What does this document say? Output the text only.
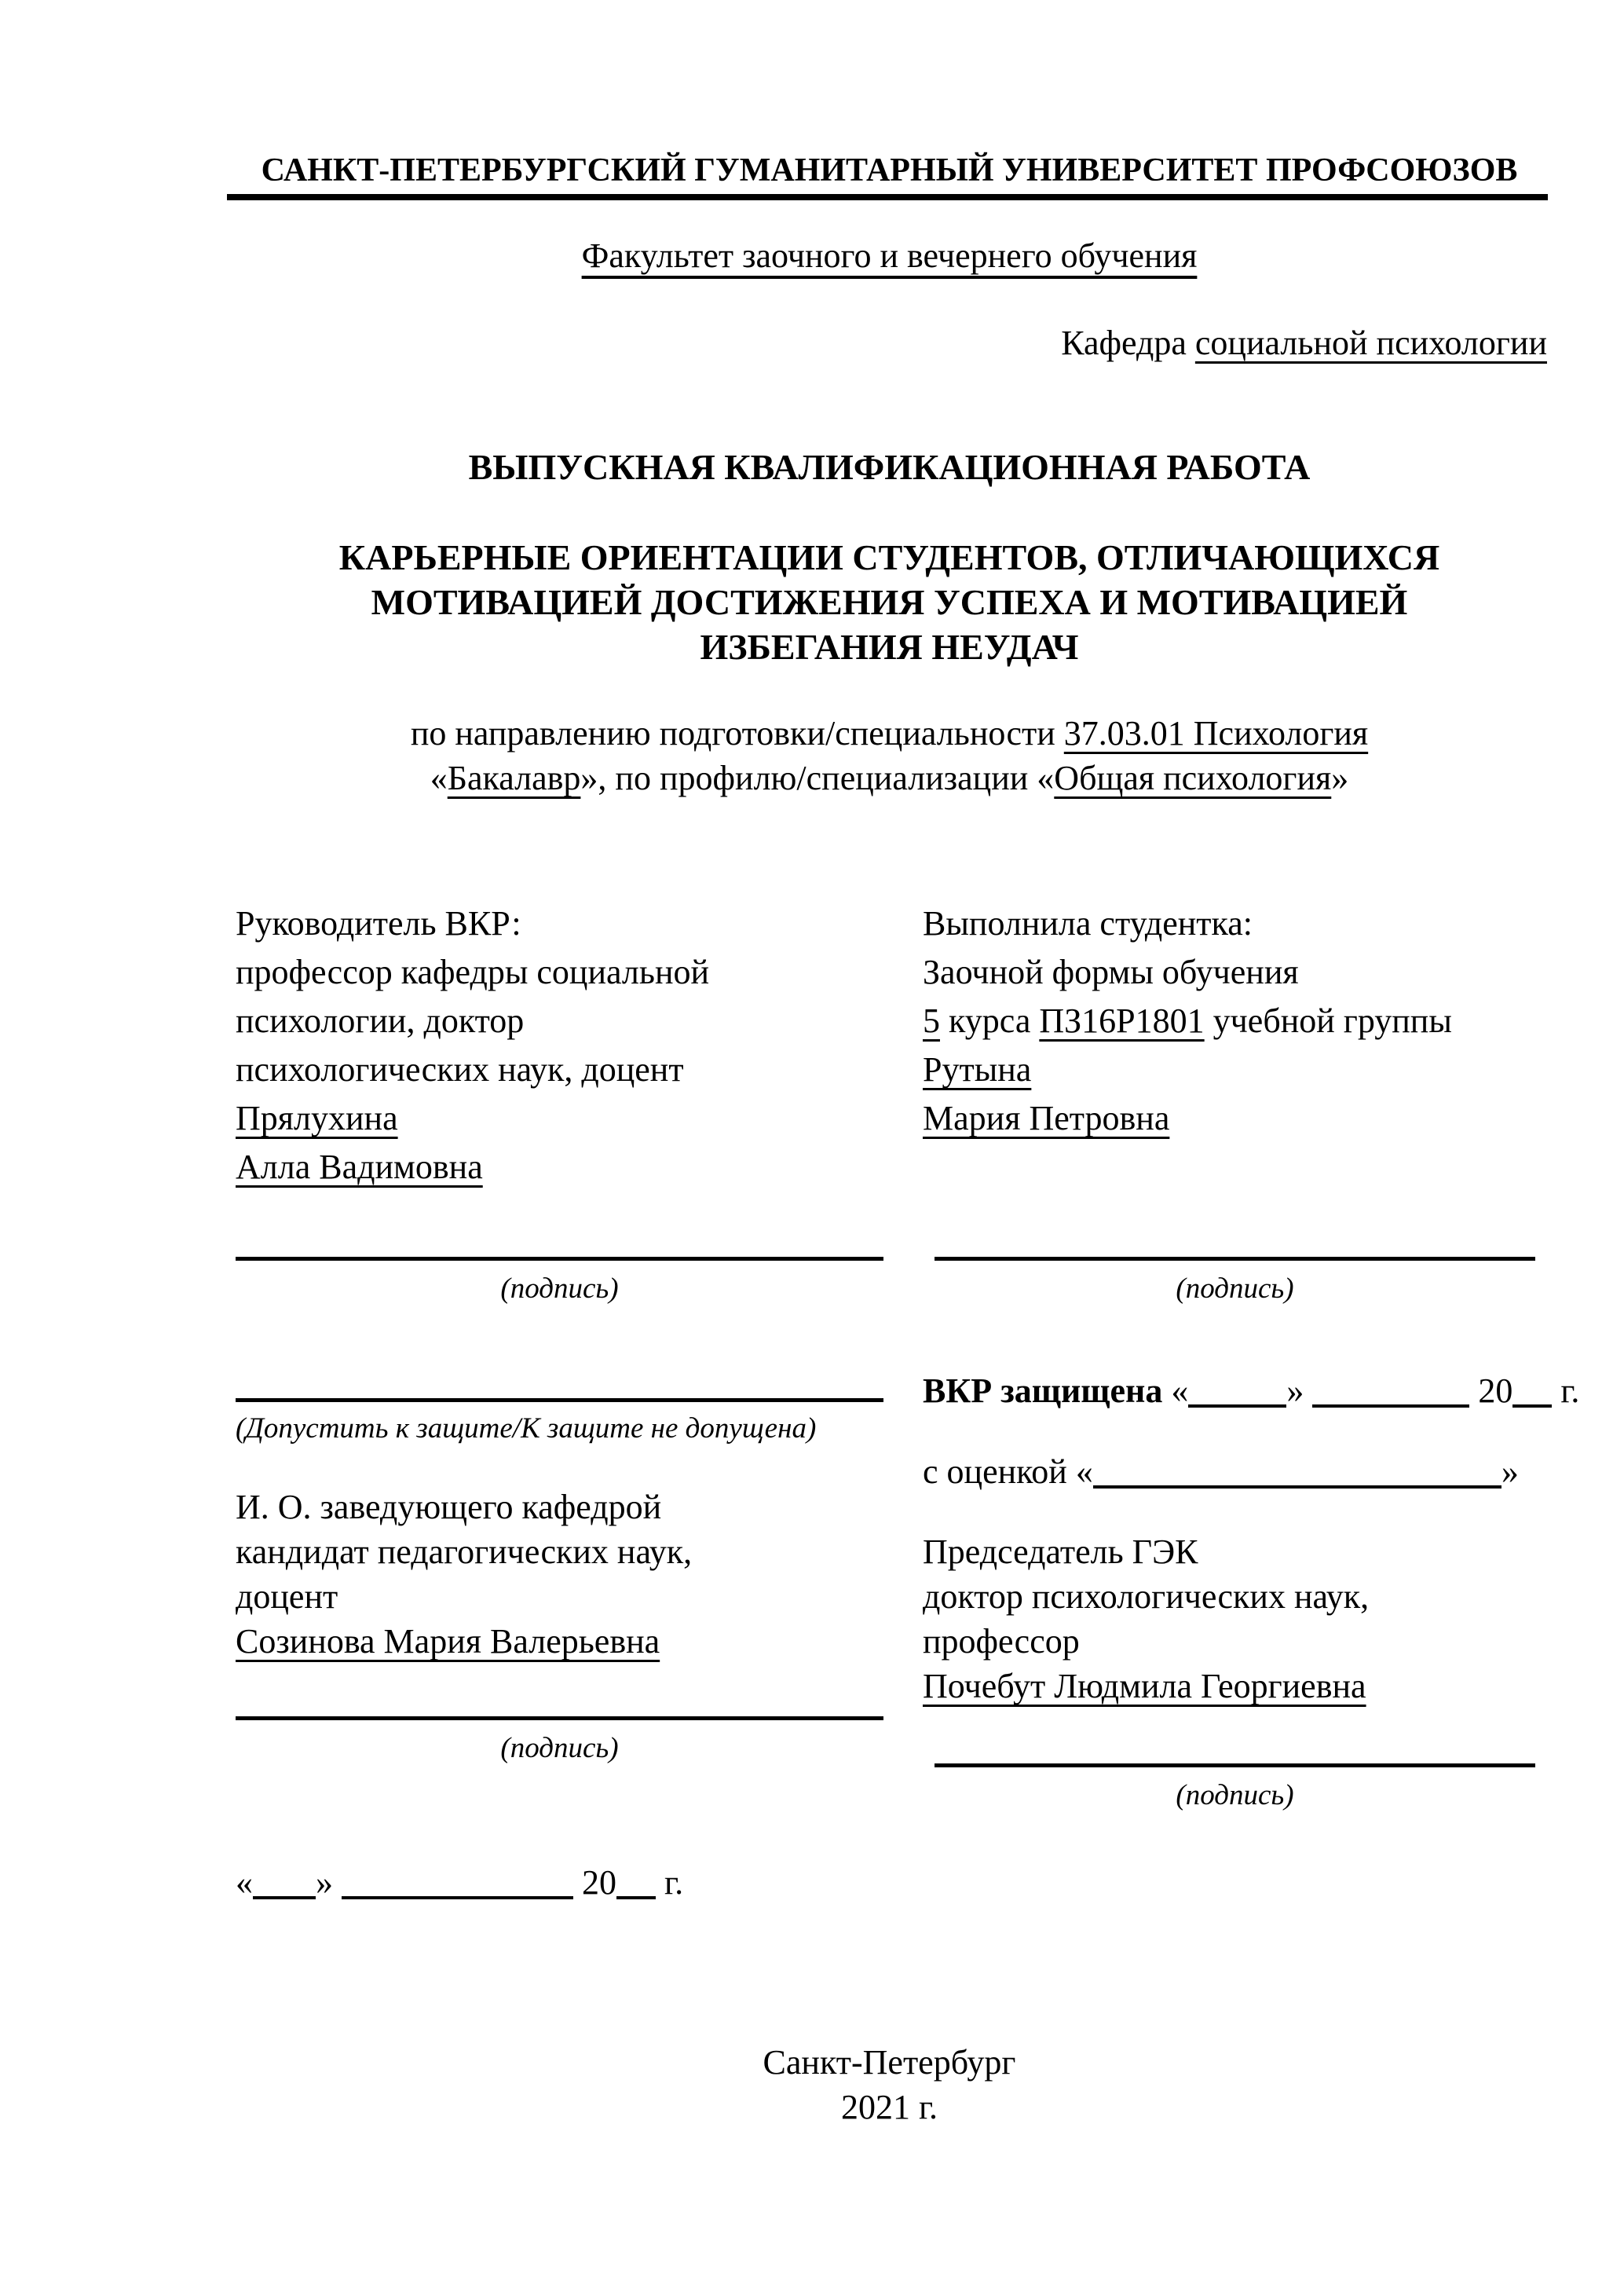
САНКТ-ПЕТЕРБУРГСКИЙ ГУМАНИТАРНЫЙ УНИВЕРСИТЕТ ПРОФСОЮЗОВ
Факультет заочного и вечернего обучения
Кафедра социальной психологии
ВЫПУСКНАЯ КВАЛИФИКАЦИОННАЯ РАБОТА
КАРЬЕРНЫЕ ОРИЕНТАЦИИ СТУДЕНТОВ, ОТЛИЧАЮЩИХСЯ
МОТИВАЦИЕЙ ДОСТИЖЕНИЯ УСПЕХА И МОТИВАЦИЕЙ
ИЗБЕГАНИЯ НЕУДАЧ
по направлению подготовки/специальности 37.03.01 Психология
«Бакалавр», по профилю/специализации «Общая психология»
Руководитель ВКР:
профессор кафедры социальной
психологии, доктор
психологических наук, доцент
Прялухина
Алла Вадимовна
Выполнила студентка:
Заочной формы обучения
5 курса ПЗ16Р1801 учебной группы
Рутына
Мария Петровна
(подпись)	(подпись)
ВКР защищена «	»	20 г.
(Допустить к защите/К защите не допущена)
с оценкой «	»
И. О. заведующего кафедрой
кандидат педагогических наук,
доцент
Созинова Мария Валерьевна
Председатель ГЭК
доктор психологических наук,
профессор
Почебут Людмила Георгиевна
(подпись)
(подпись)
« »	20 г.
Санкт-Петербург
2021 г.
